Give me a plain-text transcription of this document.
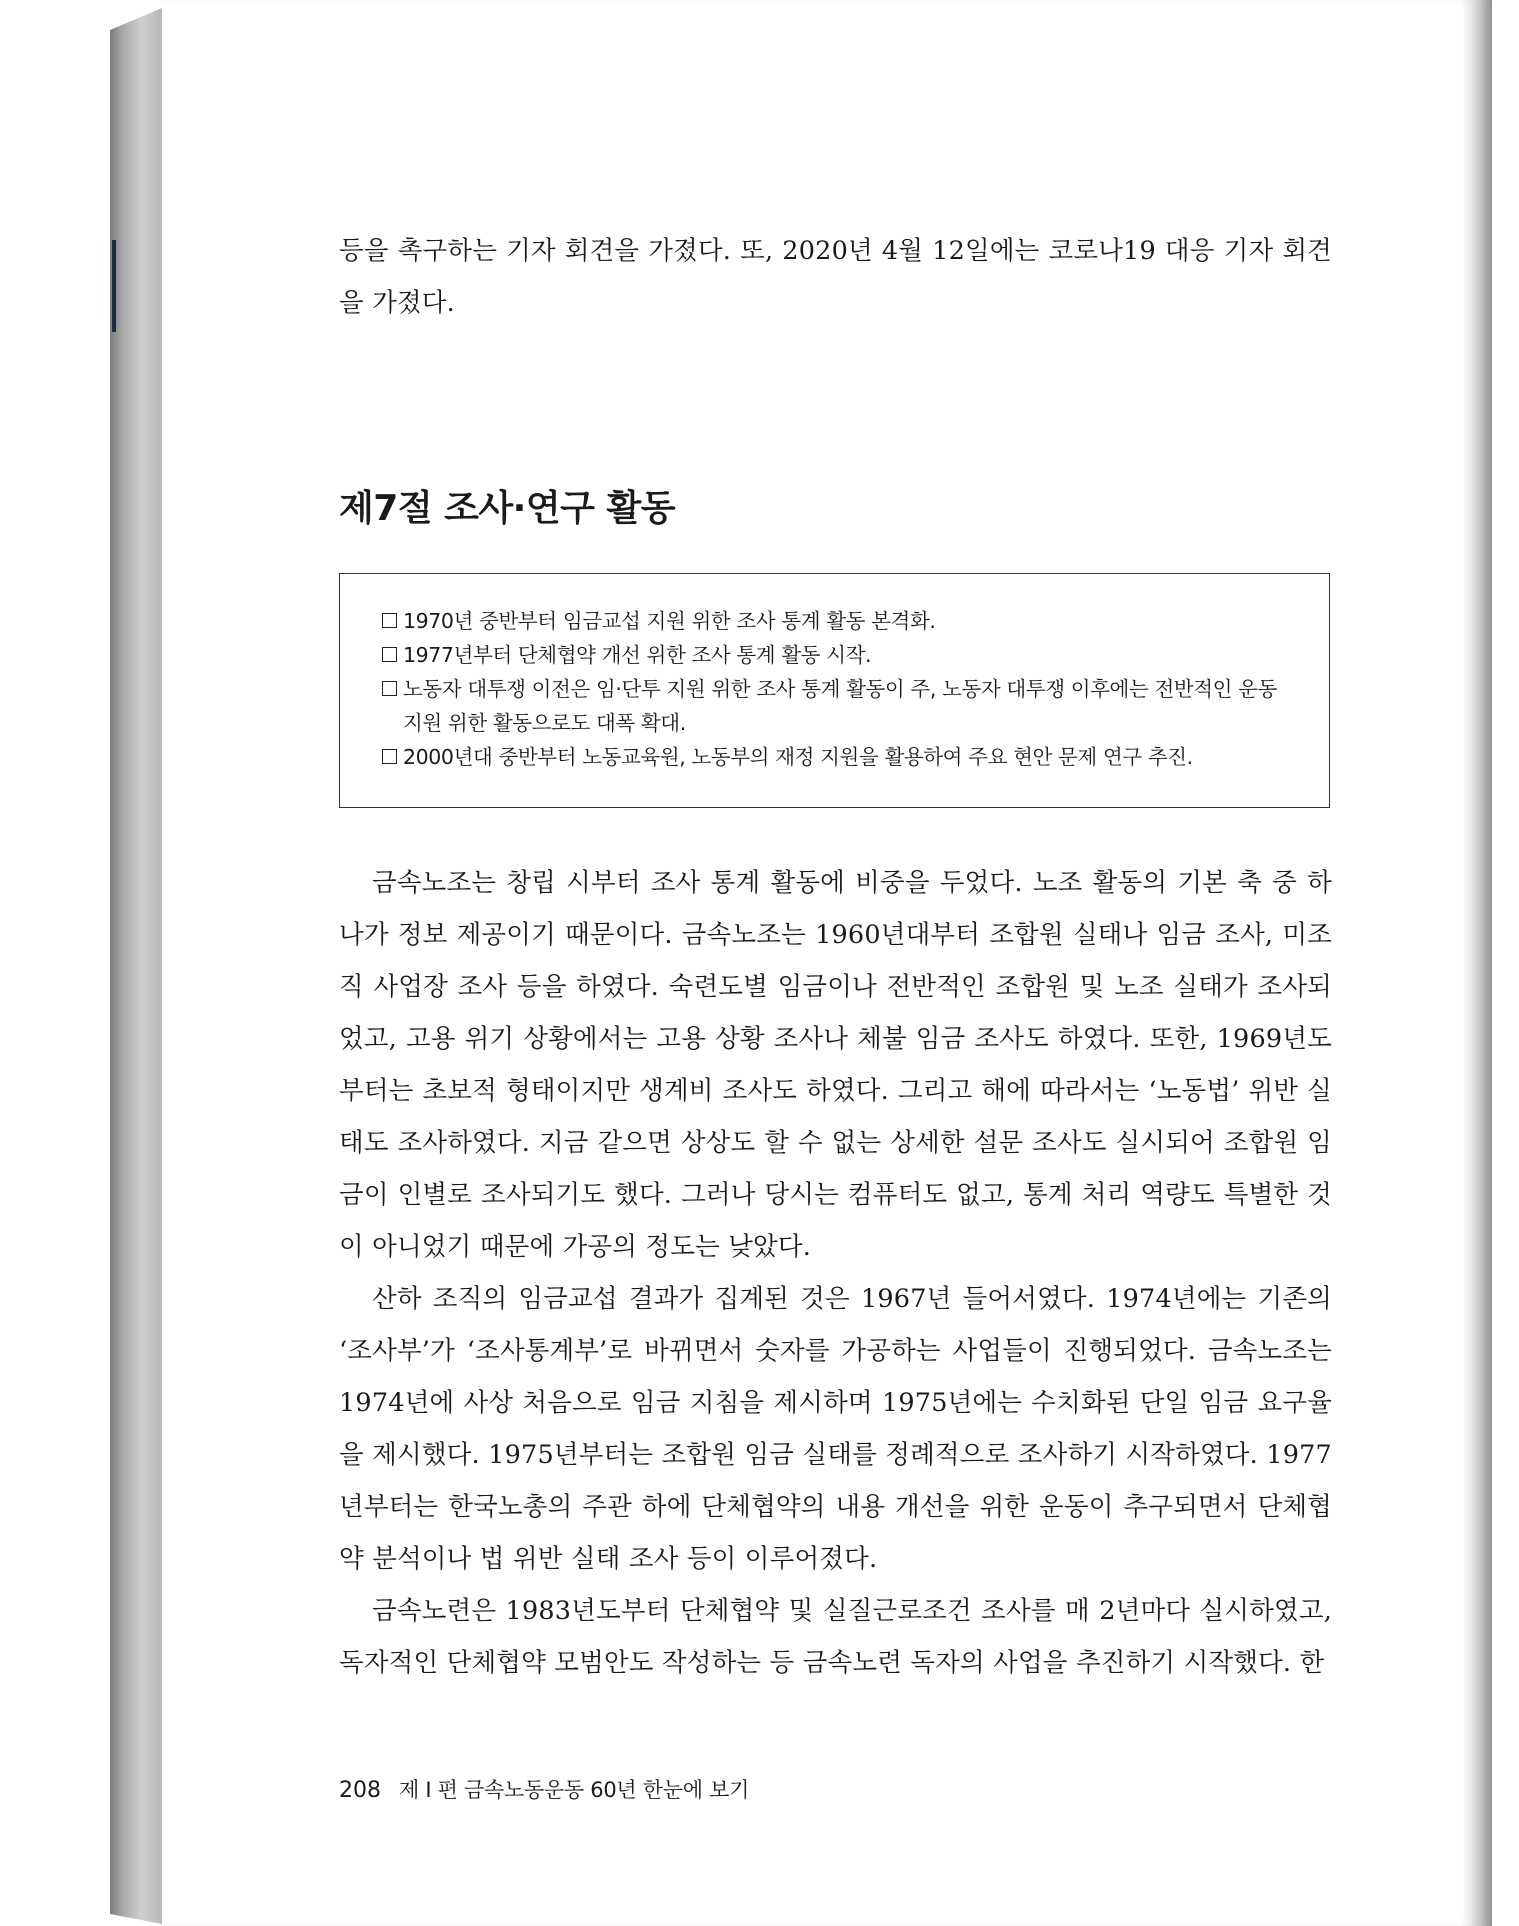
등을 촉구하는 기자 회견을 가졌다. 또, 2020년 4월 12일에는 코로나19 대응 기자 회견을 가졌다.

제7절 조사·연구 활동
1970년 중반부터 임금교섭 지원 위한 조사 통계 활동 본격화.
1977년부터 단체협약 개선 위한 조사 통계 활동 시작.
노동자 대투쟁 이전은 임·단투 지원 위한 조사 통계 활동이 주, 노동자 대투쟁 이후에는 전반적인 운동 지원 위한 활동으로도 대폭 확대.
2000년대 중반부터 노동교육원, 노동부의 재정 지원을 활용하여 주요 현안 문제 연구 추진.

금속노조는 창립 시부터 조사 통계 활동에 비중을 두었다. 노조 활동의 기본 축 중 하나가 정보 제공이기 때문이다. 금속노조는 1960년대부터 조합원 실태나 임금 조사, 미조직 사업장 조사 등을 하였다. 숙련도별 임금이나 전반적인 조합원 및 노조 실태가 조사되었고, 고용 위기 상황에서는 고용 상황 조사나 체불 임금 조사도 하였다. 또한, 1969년도부터는 초보적 형태이지만 생계비 조사도 하였다. 그리고 해에 따라서는 ‘노동법’ 위반 실태도 조사하였다. 지금 같으면 상상도 할 수 없는 상세한 설문 조사도 실시되어 조합원 임금이 인별로 조사되기도 했다. 그러나 당시는 컴퓨터도 없고, 통계 처리 역량도 특별한 것이 아니었기 때문에 가공의 정도는 낮았다.

산하 조직의 임금교섭 결과가 집계된 것은 1967년 들어서였다. 1974년에는 기존의 ‘조사부’가 ‘조사통계부’로 바뀌면서 숫자를 가공하는 사업들이 진행되었다. 금속노조는 1974년에 사상 처음으로 임금 지침을 제시하며 1975년에는 수치화된 단일 임금 요구율을 제시했다. 1975년부터는 조합원 임금 실태를 정례적으로 조사하기 시작하였다. 1977년부터는 한국노총의 주관 하에 단체협약의 내용 개선을 위한 운동이 추구되면서 단체협약 분석이나 법 위반 실태 조사 등이 이루어졌다.

금속노련은 1983년도부터 단체협약 및 실질근로조건 조사를 매 2년마다 실시하였고, 독자적인 단체협약 모범안도 작성하는 등 금속노련 독자의 사업을 추진하기 시작했다. 한

208 제 I 편 금속노동운동 60년 한눈에 보기
